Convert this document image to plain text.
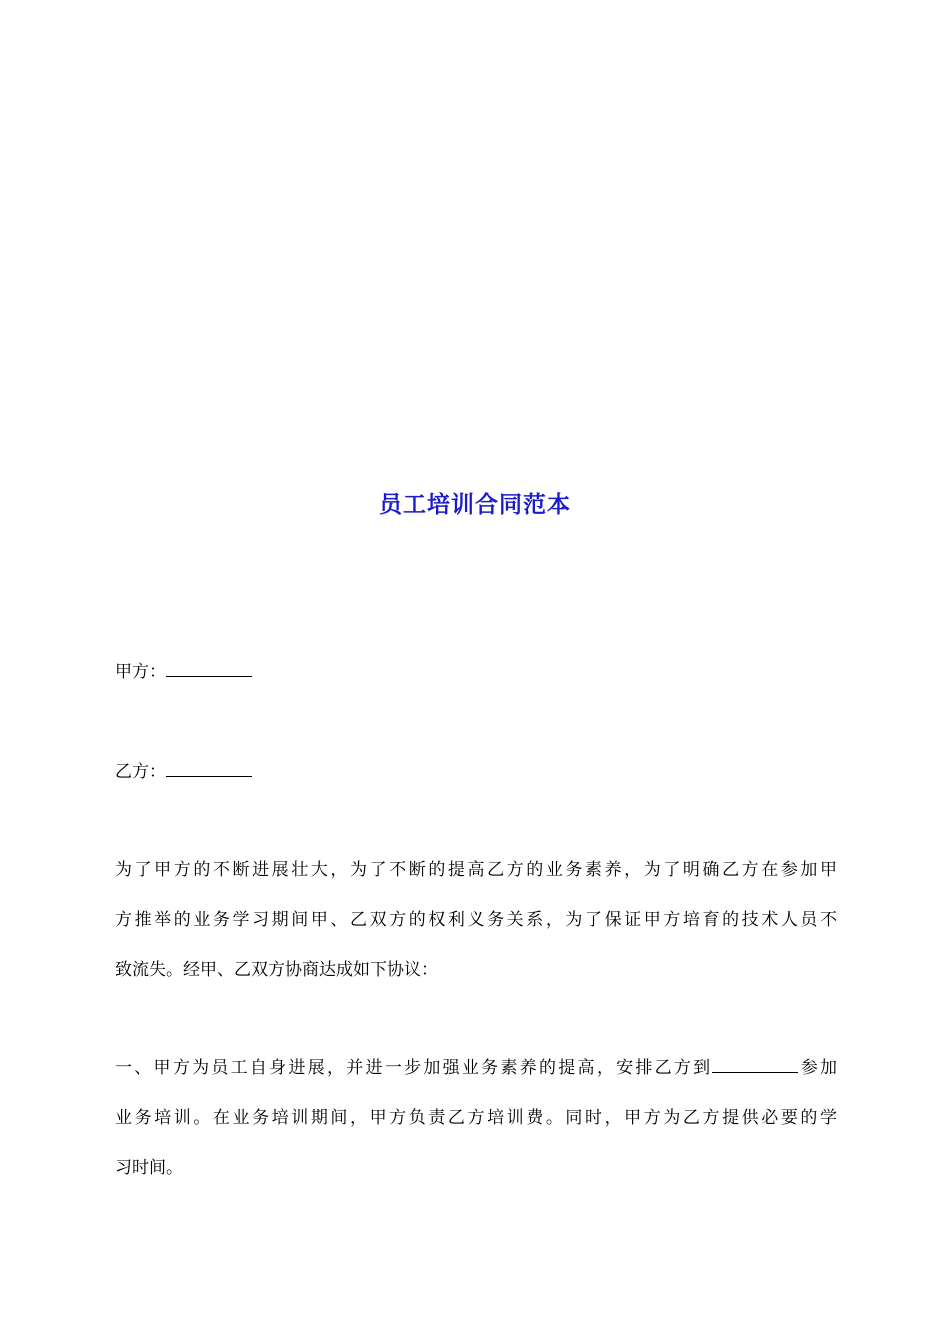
员工培训合同范本
甲方：
乙方：
为了甲方的不断进展壮大，为了不断的提高乙方的业务素养，为了明确乙方在参加甲
方推举的业务学习期间甲、乙双方的权利义务关系，为了保证甲方培育的技术人员不
致流失。经甲、乙双方协商达成如下协议：
一、甲方为员工自身进展，并进一步加强业务素养的提高，安排乙方到	参加
业务培训。在业务培训期间，甲方负责乙方培训费。同时，甲方为乙方提供必要的学
习时间。
